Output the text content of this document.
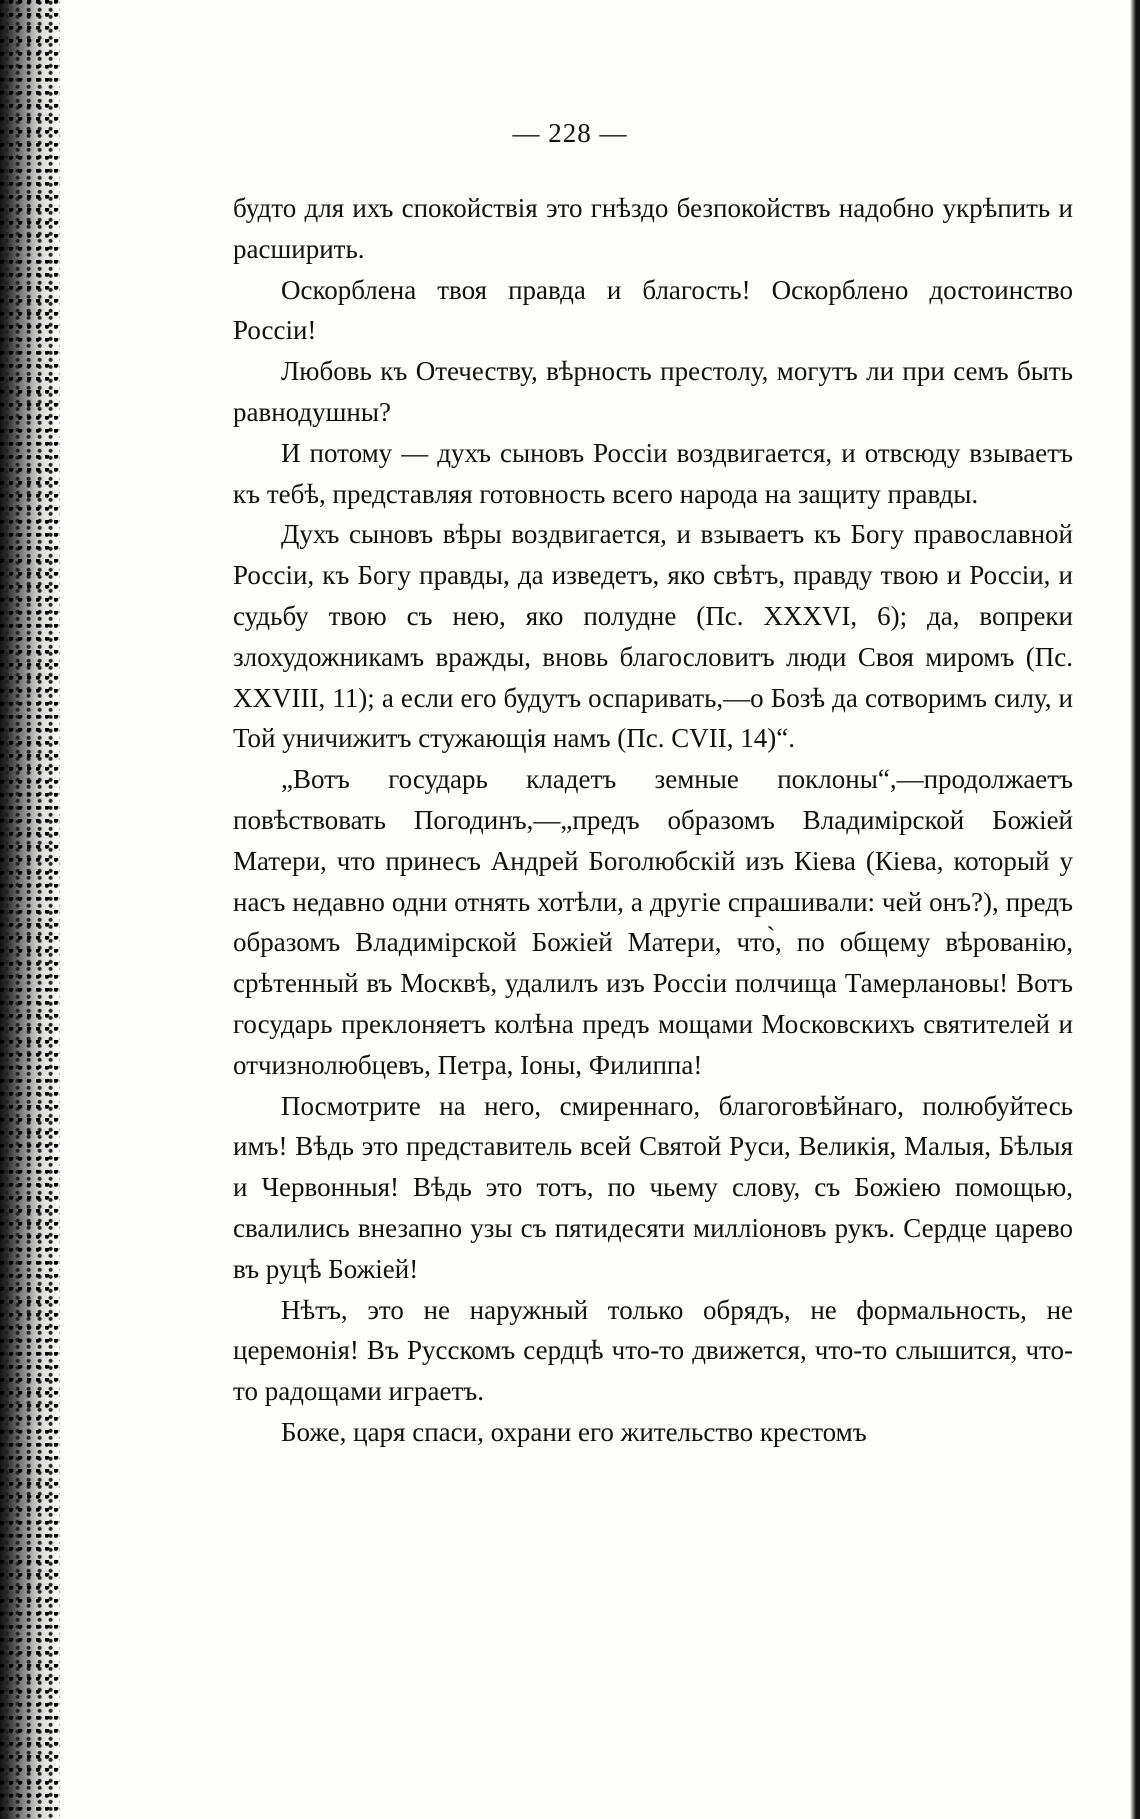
— 228 —

будто для ихъ спокойствія это гнѣздо безпокойствъ надобно укрѣпить и расширить.

Оскорблена твоя правда и благость! Оскорблено достоинство Россіи!

Любовь къ Отечеству, вѣрность престолу, могутъ ли при семъ быть равнодушны?

И потому — духъ сыновъ Россіи воздвигается, и отвсюду взываетъ къ тебѣ, представляя готовность всего народа на защиту правды.

Духъ сыновъ вѣры воздвигается, и взываетъ къ Богу православной Россіи, къ Богу правды, да изведетъ, яко свѣтъ, правду твою и Россіи, и судьбу твою съ нею, яко полудне (Пс. XXXVI, 6); да, вопреки злохудожникамъ вражды, вновь благословитъ люди Своя миромъ (Пс. XXVIII, 11); а если его будутъ оспаривать,—о Бозѣ да сотворимъ силу, и Той уничижитъ стужающія намъ (Пс. CVII, 14)“.

„Вотъ государь кладетъ земные поклоны“,—продолжаетъ повѣствовать Погодинъ,—„предъ образомъ Владимірской Божіей Матери, что принесъ Андрей Боголюбскій изъ Кіева (Кіева, который у насъ недавно одни отнять хотѣли, а другіе спрашивали: чей онъ?), предъ образомъ Владимірской Божіей Матери, что̀, по общему вѣрованію, срѣтенный въ Москвѣ, удалилъ изъ Россіи полчища Тамерлановы! Вотъ государь преклоняетъ колѣна предъ мощами Московскихъ святителей и отчизнолюбцевъ, Петра, Іоны, Филиппа!

Посмотрите на него, смиреннаго, благоговѣйнаго, полюбуйтесь имъ! Вѣдь это представитель всей Святой Руси, Великія, Малыя, Бѣлыя и Червонныя! Вѣдь это тотъ, по чьему слову, съ Божіею помощью, свалились внезапно узы съ пятидесяти милліоновъ рукъ. Сердце царево въ руцѣ Божіей!

Нѣтъ, это не наружный только обрядъ, не формальность, не церемонія! Въ Русскомъ сердцѣ что-то движется, что-то слышится, что-то радощами играетъ.

Боже, царя спаси, охрани его жительство крестомъ
